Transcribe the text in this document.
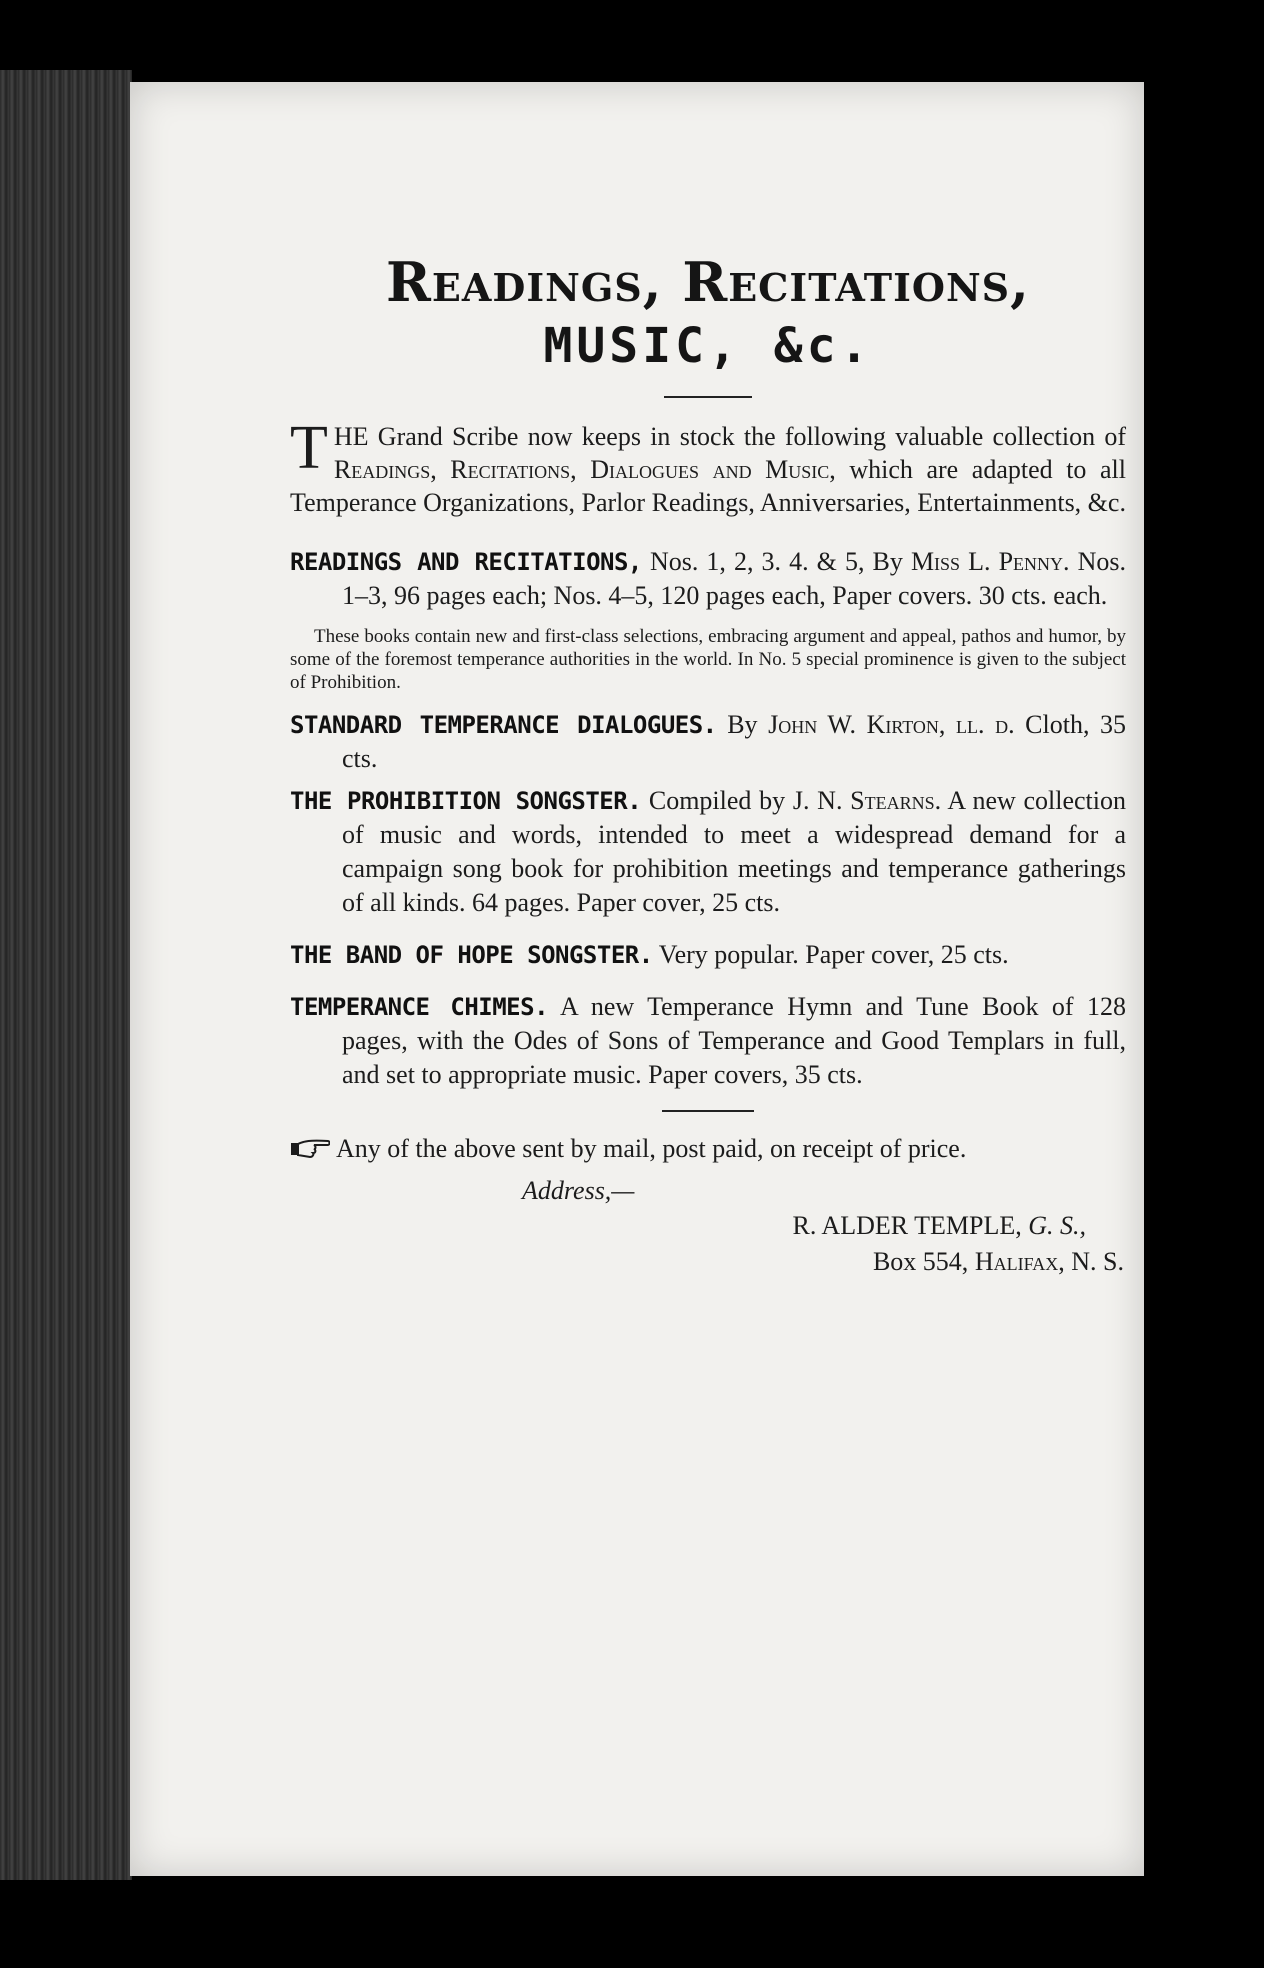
Readings, Recitations,
MUSIC, &c.

THE Grand Scribe now keeps in stock the following valuable collection of Readings, Recitations, Dialogues and Music, which are adapted to all Temperance Organizations, Parlor Readings, Anniversaries, Entertainments, &c.

READINGS AND RECITATIONS, Nos. 1, 2, 3. 4. & 5, By Miss L. Penny. Nos. 1–3, 96 pages each; Nos. 4–5, 120 pages each, Paper covers. 30 cts. each.

These books contain new and first-class selections, embracing argument and appeal, pathos and humor, by some of the foremost temperance authorities in the world. In No. 5 special prominence is given to the subject of Prohibition.

STANDARD TEMPERANCE DIALOGUES. By John W. Kirton, ll. d. Cloth, 35 cts.

THE PROHIBITION SONGSTER. Compiled by J. N. Stearns. A new collection of music and words, intended to meet a widespread demand for a campaign song book for prohibition meetings and temperance gatherings of all kinds. 64 pages. Paper cover, 25 cts.

THE BAND OF HOPE SONGSTER. Very popular. Paper cover, 25 cts.

TEMPERANCE CHIMES. A new Temperance Hymn and Tune Book of 128 pages, with the Odes of Sons of Temperance and Good Templars in full, and set to appropriate music. Paper covers, 35 cts.

Any of the above sent by mail, post paid, on receipt of price.

Address,—

R. ALDER TEMPLE, G. S.,

Box 554, Halifax, N. S.
